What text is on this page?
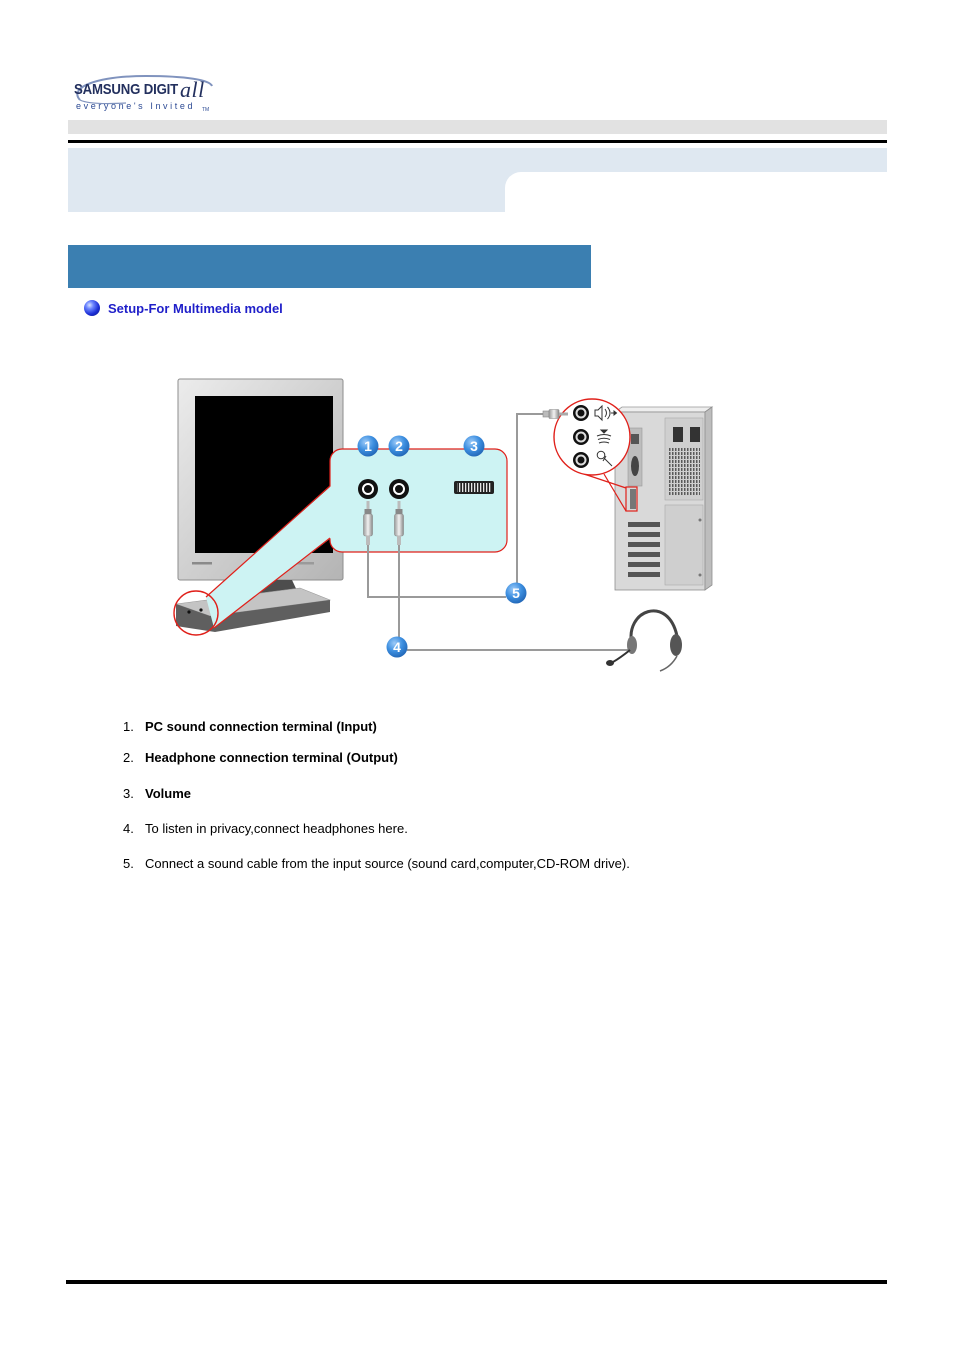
SAMSUNG DIGIT all
everyone's Invited TM
Setup-For Multimedia model
1 2	3
4
5
1. PC sound connection terminal (Input)
2. Headphone connection terminal (Output)
3. Volume
4. To listen in privacy,connect headphones here.
5. Connect a sound cable from the input source (sound card,computer,CD-ROM drive).
